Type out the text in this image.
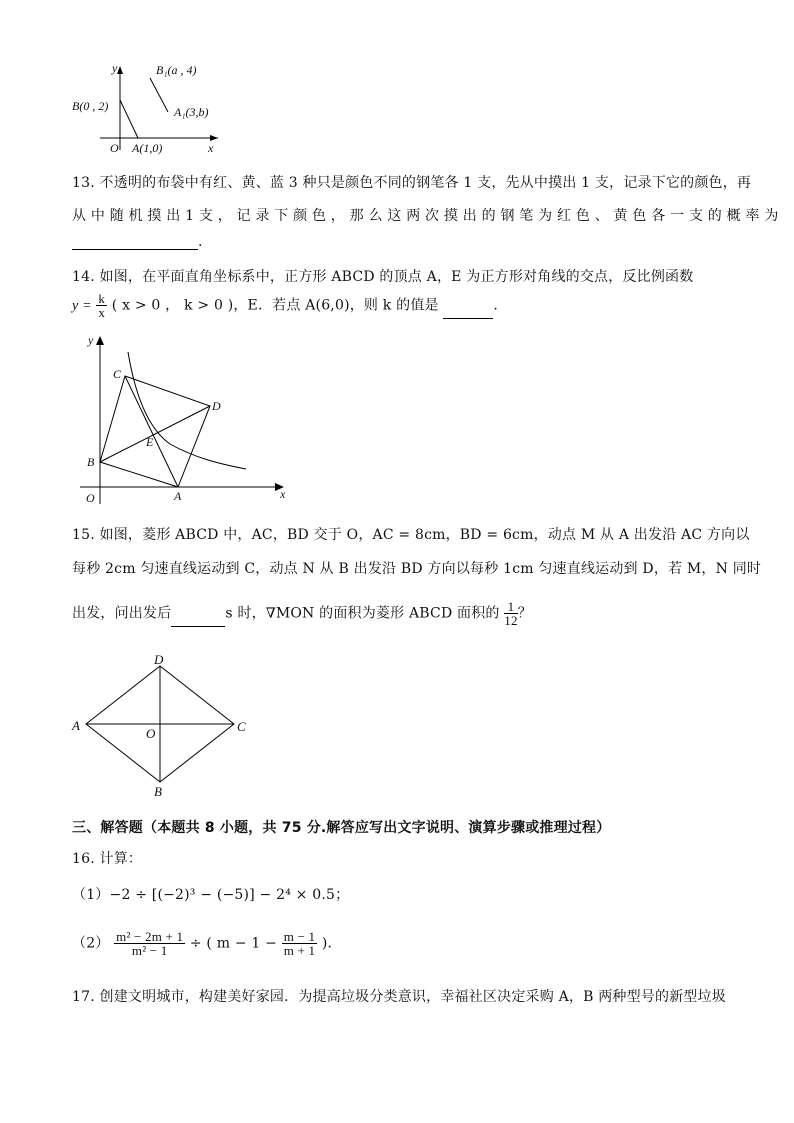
y
x
O
B(0 , 2)
A(1,0)
B₁(a , 4)
A₁(3,b)
13. 不透明的布袋中有红、黄、蓝 3 种只是颜色不同的钢笔各 1 支，先从中摸出 1 支，记录下它的颜色，再
从 中 随 机 摸 出 1 支 ， 记 录 下 颜 色 ， 那 么 这 两 次 摸 出 的 钢 笔 为 红 色 、 黄 色 各 一 支 的 概 率 为
.
14. 如图，在平面直角坐标系中，正方形 ABCD 的顶点 A，E 为正方形对角线的交点，反比例函数
$y = \frac{k}{x}$ ( x > 0 ， k > 0 )，E．若点 A(6,0)，则 k 的值是	.
y
x
O	A
B
C
D
E
15. 如图，菱形 ABCD 中，AC，BD 交于 O，AC = 8cm，BD = 6cm，动点 M 从 A 出发沿 AC 方向以
每秒 2cm 匀速直线运动到 C，动点 N 从 B 出发沿 BD 方向以每秒 1cm 匀速直线运动到 D，若 M，N 同时
出发，问出发后	s 时，∇MON 的面积为菱形 ABCD 面积的 $\frac{1}{12}$ ？
D
A	C
O
B
三、解答题（本题共 8 小题，共 75 分.解答应写出文字说明、演算步骤或推理过程）
16. 计算：
（1）−2 ÷ [(−2)³ − (−5)] − 2⁴ × 0.5；
$(2) \frac{\text{m² − 2m + 1}}{\text{m² − 1}}$ ÷ ( $m - 1 - \frac{m - 1}{m + 1}$ )．
17. 创建文明城市，构建美好家园．为提高垃圾分类意识，幸福社区决定采购 A，B 两种型号的新型垃圾
